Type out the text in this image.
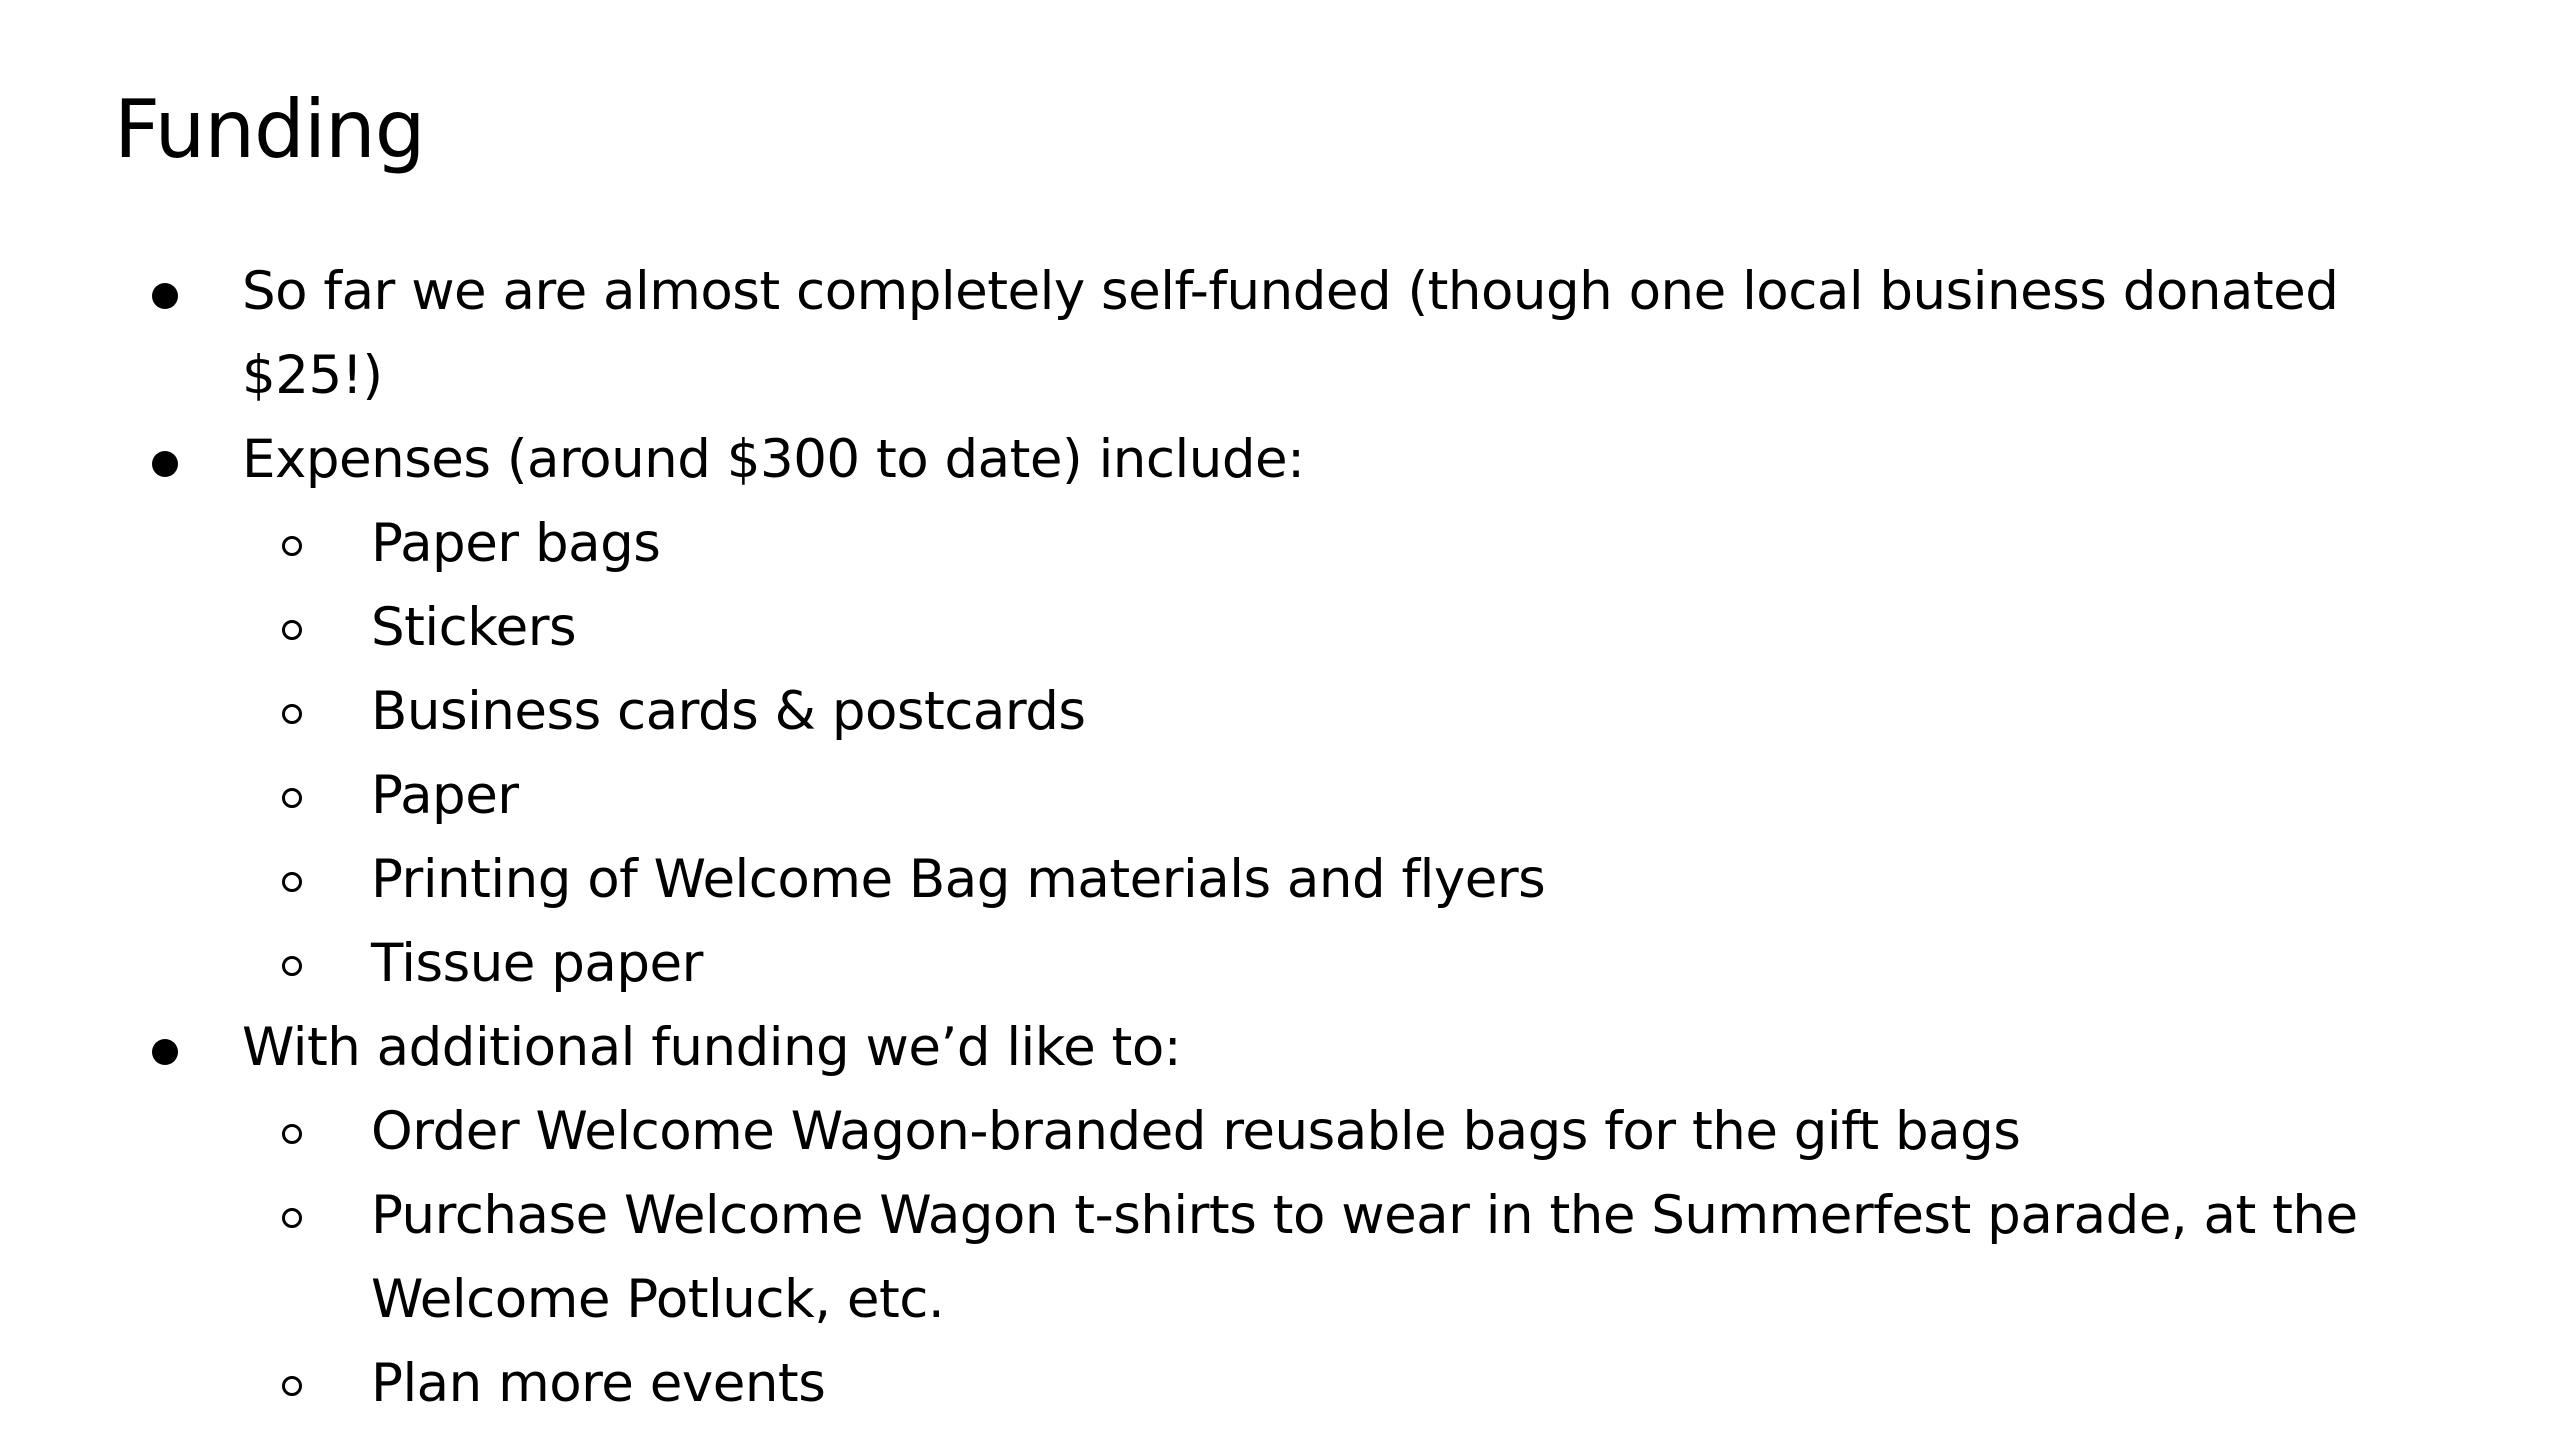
Funding
So far we are almost completely self-funded (though one local business donated
$25!)
Expenses (around $300 to date) include:
Paper bags
Stickers
Business cards & postcards
Paper
Printing of Welcome Bag materials and flyers
Tissue paper
With additional funding we’d like to:
Order Welcome Wagon-branded reusable bags for the gift bags
Purchase Welcome Wagon t-shirts to wear in the Summerfest parade, at the
Welcome Potluck, etc.
Plan more events
